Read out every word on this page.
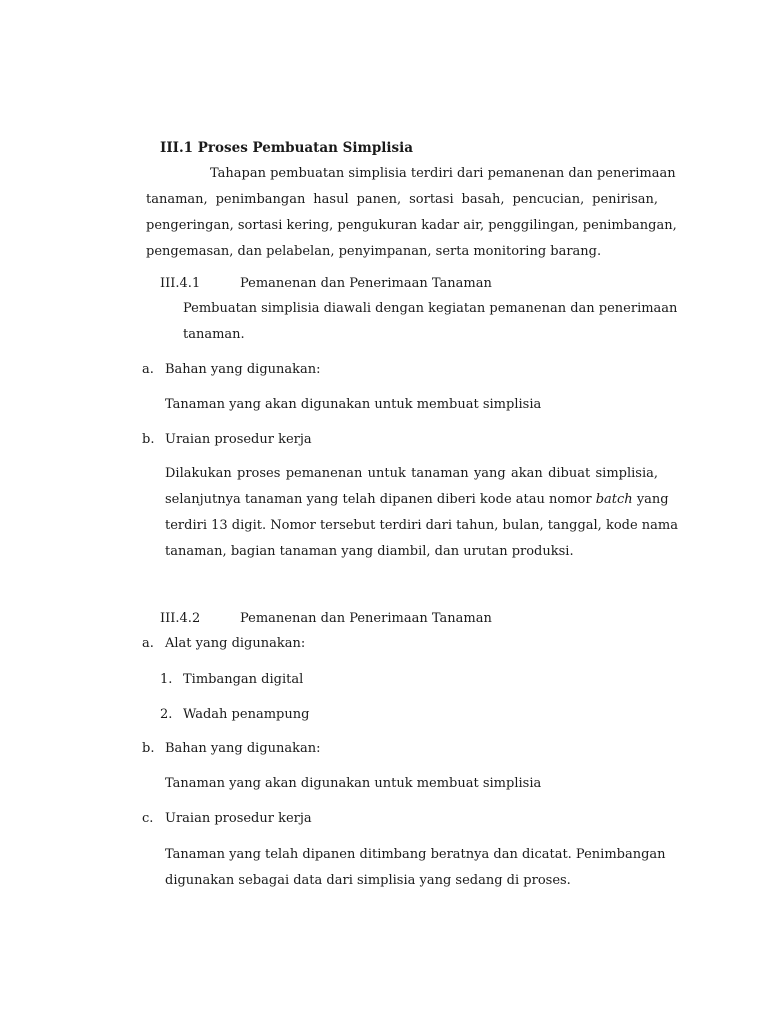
III.1 Proses Pembuatan Simplisia
Tahapan pembuatan simplisia terdiri dari pemanenan dan penerimaan
tanaman, penimbangan hasul panen, sortasi basah, pencucian, penirisan,
pengeringan, sortasi kering, pengukuran kadar air, penggilingan, penimbangan,
pengemasan, dan pelabelan, penyimpanan, serta monitoring barang.
III.4.1	Pemanenan dan Penerimaan Tanaman
Pembuatan simplisia diawali dengan kegiatan pemanenan dan penerimaan
tanaman.
a. Bahan yang digunakan:
Tanaman yang akan digunakan untuk membuat simplisia
b. Uraian prosedur kerja
Dilakukan proses pemanenan untuk tanaman yang akan dibuat simplisia,
selanjutnya tanaman yang telah dipanen diberi kode atau nomor batch yang
terdiri 13 digit. Nomor tersebut terdiri dari tahun, bulan, tanggal, kode nama
tanaman, bagian tanaman yang diambil, dan urutan produksi.
III.4.2	Pemanenan dan Penerimaan Tanaman
a. Alat yang digunakan:
1. Timbangan digital
2. Wadah penampung
b. Bahan yang digunakan:
Tanaman yang akan digunakan untuk membuat simplisia
c. Uraian prosedur kerja
Tanaman yang telah dipanen ditimbang beratnya dan dicatat. Penimbangan
digunakan sebagai data dari simplisia yang sedang di proses.
